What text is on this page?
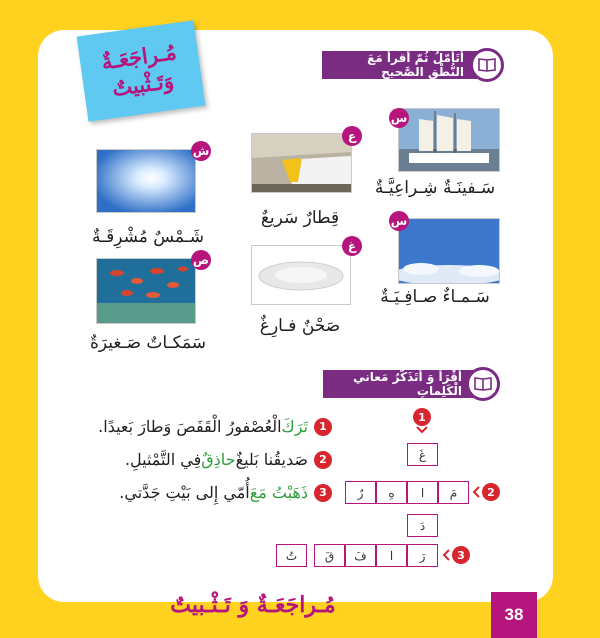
مُـراجَعَـةٌ
وَتَـثْبيتٌ
أتَأمّلُ ثُمّ أقرأُ مَعَ النُّطْقِ الصَّحيحِ
س
سَـفينَـةٌ شِـراعِيَّـةٌ
ع
قِطارٌ سَريعٌ
ش
شَـمْسٌ مُشْرِقَـةٌ
س
سَـمـاءٌ صـافِـيَـةٌ
غ
صَحْنٌ فـارِغٌ
ص
سَمَكـاتٌ صَـغيرَةٌ
أقْرَأُ وَ أتَذَكَّرُ مَعاني الْكَلِماتِ
1
تَرَكَ
الْعُصْفورُ الْقَفَصَ وَطارَ بَعيدًا.
2
صَديقُنا بَليغٌ
حاذِقٌ
فِي التَّمْثيلِ.
3
ذَهَبْتُ مَعَ
أُمّي إِلى بَيْتِ جَدَّتي.
1
غَ
مَ
ا
هِ
رٌ	2
دَ
رَ
ا
فَ
قَ
تُ	3
مُـراجَعَـةٌ وَ تَـثْـبيتٌ	38
